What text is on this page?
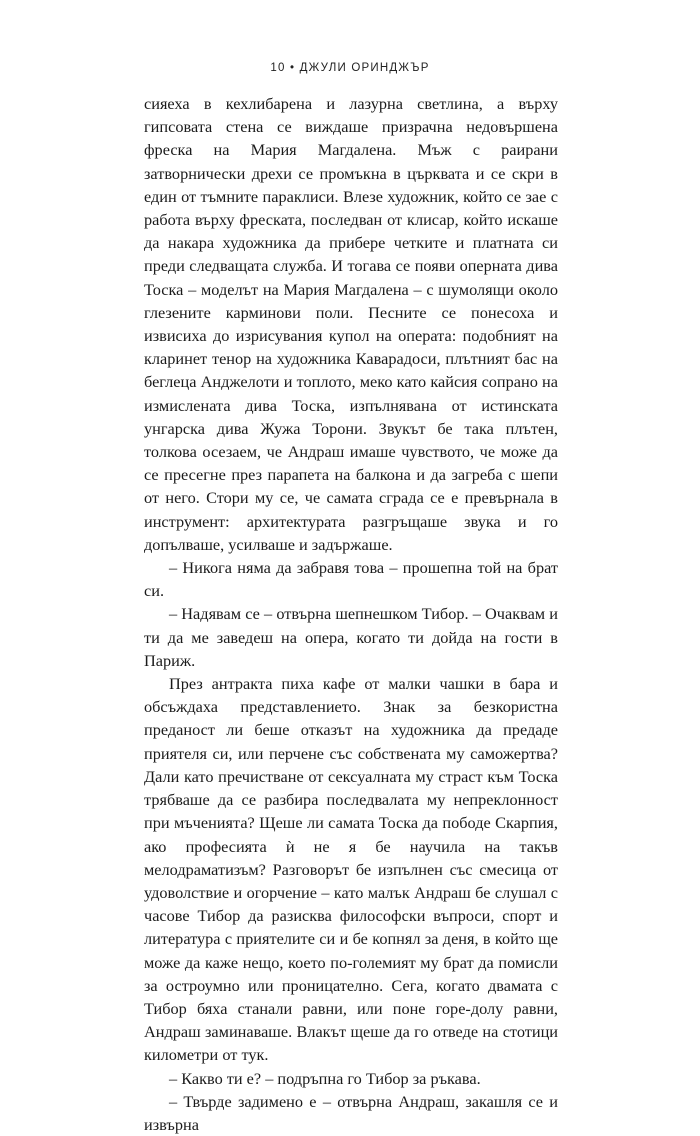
10 • ДЖУЛИ ОРИНДЖЪР

сияеха в кехлибарена и лазурна светлина, а върху гипсовата стена се виждаше призрачна недовършена фреска на Мария Магдалена. Мъж с раирани затворнически дрехи се промъкна в църквата и се скри в един от тъмните параклиси. Влезе художник, който се зае с работа върху фреската, последван от клисар, който искаше да накара художника да прибере четките и платната си преди следващата служба. И тогава се появи оперната дива Тоска – моделът на Мария Магдалена – с шумолящи около глезените карминови поли. Песните се понесоха и извисиха до изрисувания купол на операта: подобният на кларинет тенор на художника Каварадоси, плътният бас на беглеца Анджелоти и топлото, меко като кайсия сопрано на измислената дива Тоска, изпълнявана от истинската унгарска дива Жужа Торони. Звукът бе така плътен, толкова осезаем, че Андраш имаше чувството, че може да се пресегне през парапета на балкона и да загреба с шепи от него. Стори му се, че самата сграда се е превърнала в инструмент: архитектурата разгръщаше звука и го допълваше, усилваше и задържаше.

– Никога няма да забравя това – прошепна той на брат си.

– Надявам се – отвърна шепнешком Тибор. – Очаквам и ти да ме заведеш на опера, когато ти дойда на гости в Париж.

През антракта пиха кафе от малки чашки в бара и обсъждаха представлението. Знак за безкористна преданост ли беше отказът на художника да предаде приятеля си, или перчене със собствената му саможертва? Дали като пречистване от сексуалната му страст към Тоска трябваше да се разбира последвалата му непреклонност при мъченията? Щеше ли самата Тоска да пободе Скарпия, ако професията ѝ не я бе научила на такъв мелодраматизъм? Разговорът бе изпълнен със смесица от удоволствие и огорчение – като малък Андраш бе слушал с часове Тибор да разисква философски въпроси, спорт и литература с приятелите си и бе копнял за деня, в който ще може да каже нещо, което по-големият му брат да помисли за остроумно или проницателно. Сега, когато двамата с Тибор бяха станали равни, или поне горе-долу равни, Андраш заминаваше. Влакът щеше да го отведе на стотици километри от тук.

– Какво ти е? – подръпна го Тибор за ръкава.

– Твърде задимено е – отвърна Андраш, закашля се и извърна
